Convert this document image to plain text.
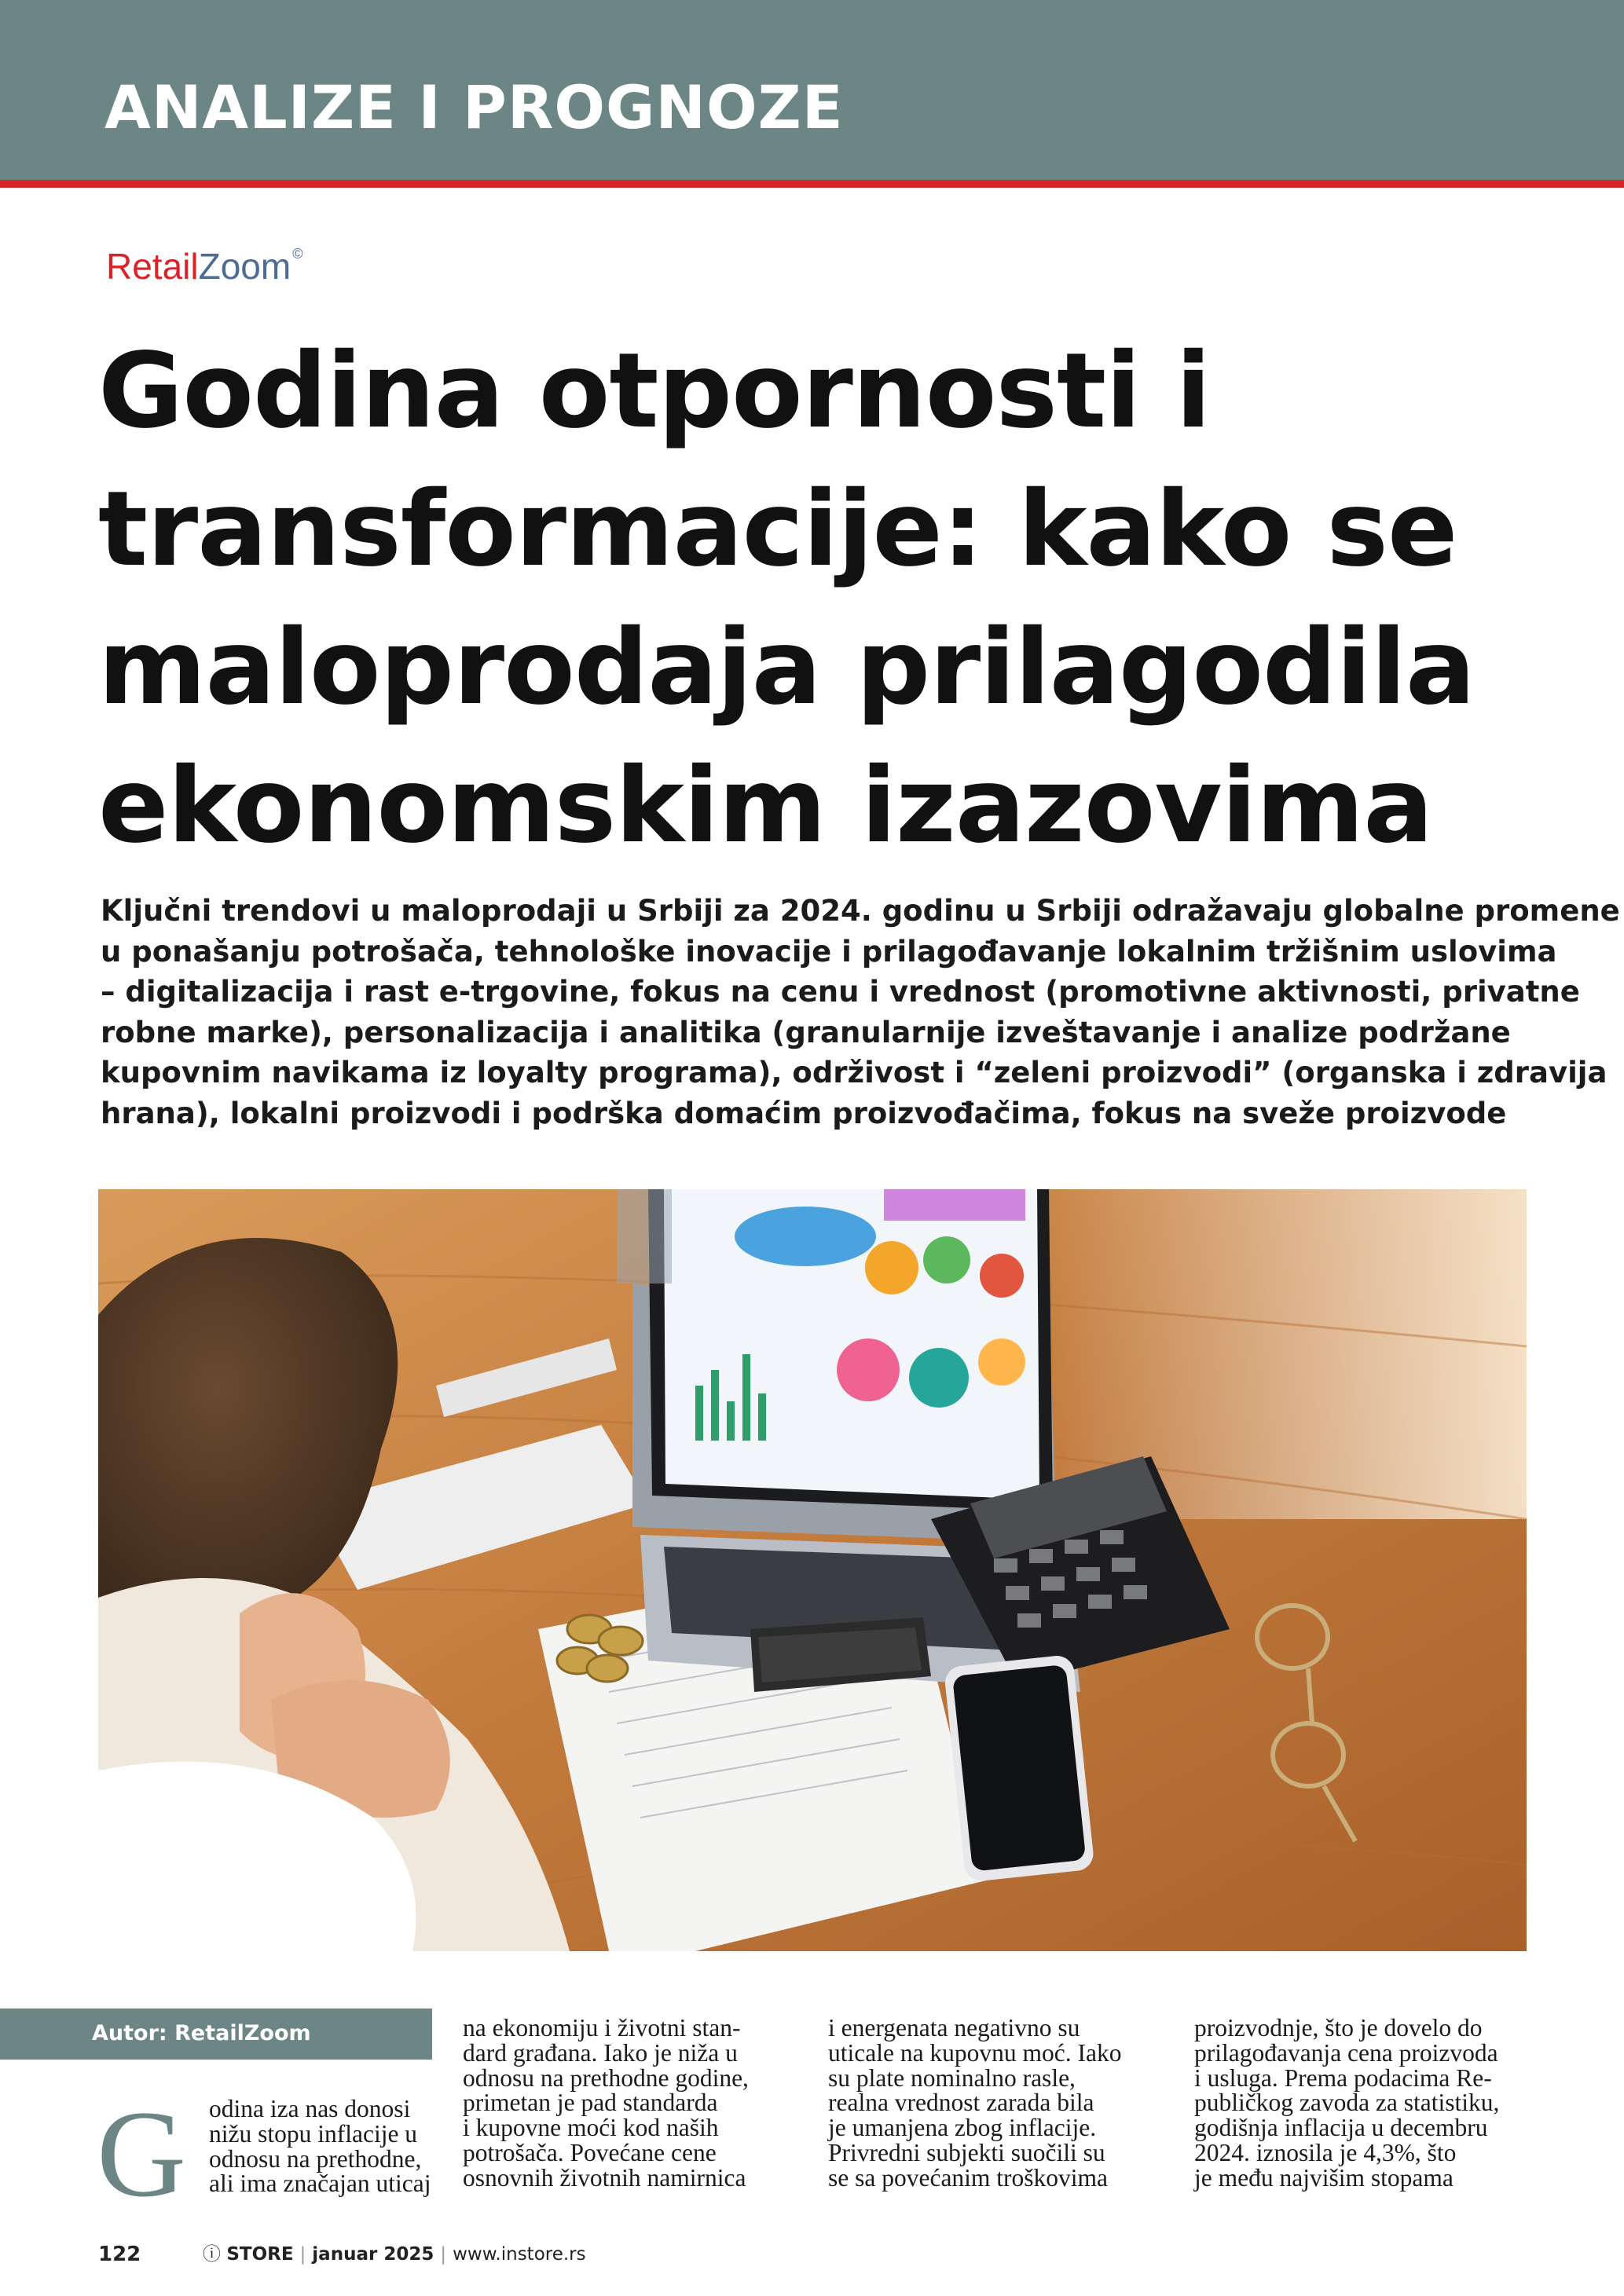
ANALIZE I PROGNOZE
RetailZoom ©
Godina otpornosti i
transformacije: kako se
maloprodaja prilagodila
ekonomskim izazovima
Ključni trendovi u maloprodaji u Srbiji za 2024. godinu u Srbiji odražavaju globalne promene
u ponašanju potrošača, tehnološke inovacije i prilagođavanje lokalnim tržišnim uslovima
– digitalizacija i rast e-trgovine, fokus na cenu i vrednost (promotivne aktivnosti, privatne
robne marke), personalizacija i analitika (granularnije izveštavanje i analize podržane
kupovnim navikama iz loyalty programa), održivost i “zeleni proizvodi” (organska i zdravija
hrana), lokalni proizvodi i podrška domaćim proizvođačima, fokus na sveže proizvode
Autor: RetailZoom
G odina iza nas donosi
nižu stopu inflacije u
odnosu na prethodne,
ali ima značajan uticaj
na ekonomiju i životni stan-
dard građana. Iako je niža u
odnosu na prethodne godine,
primetan je pad standarda
i kupovne moći kod naših
potrošača. Povećane cene
osnovnih životnih namirnica
i energenata negativno su
uticale na kupovnu moć. Iako
su plate nominalno rasle,
realna vrednost zarada bila
je umanjena zbog inflacije.
Privredni subjekti suočili su
se sa povećanim troškovima
proizvodnje, što je dovelo do
prilagođavanja cena proizvoda
i usluga. Prema podacima Re-
publičkog zavoda za statistiku,
godišnja inflacija u decembru
2024. iznosila je 4,3%, što
je među najvišim stopama
122	ⓘ STORE | januar 2025 | www.instore.rs
